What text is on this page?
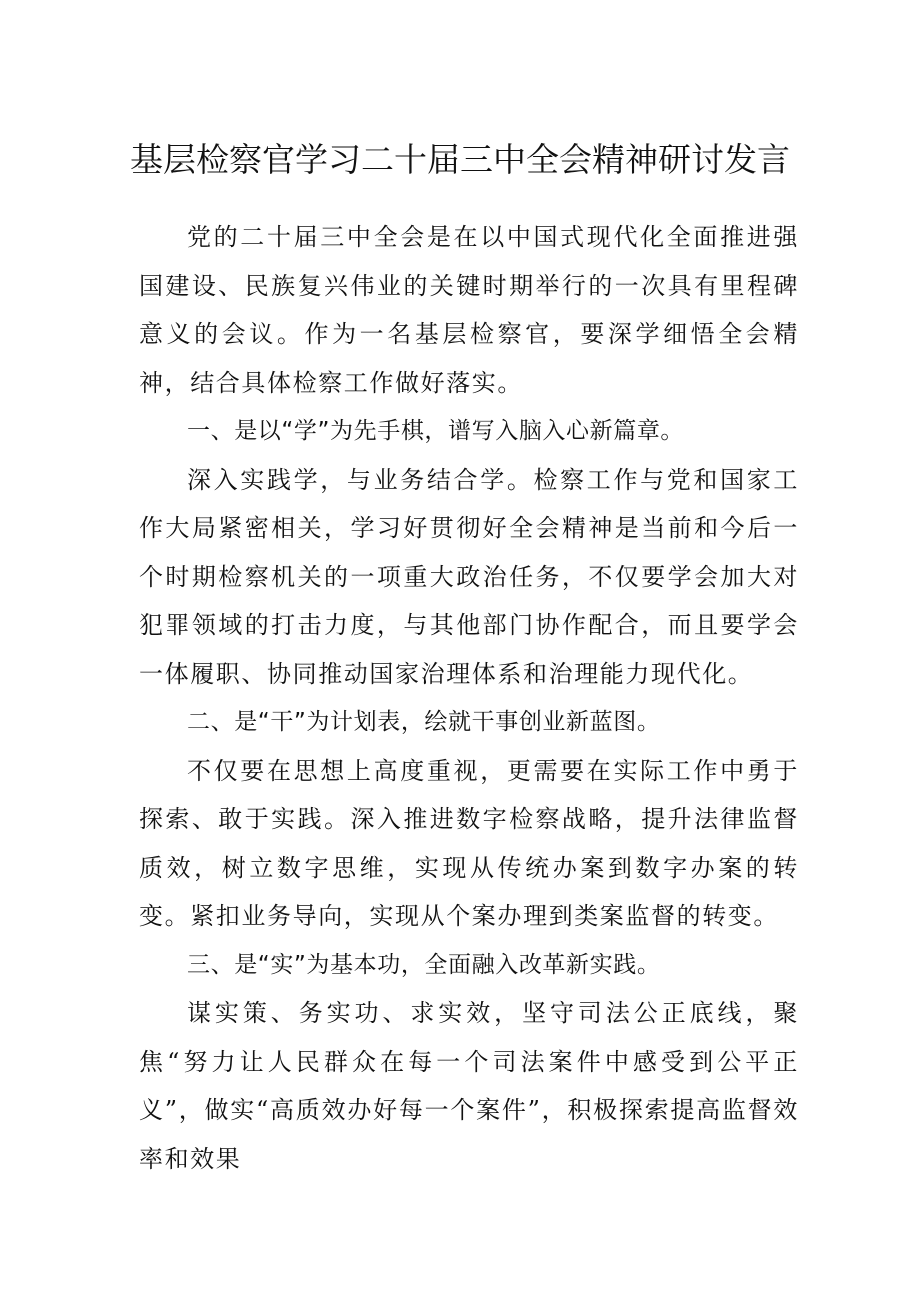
基层检察官学习二十届三中全会精神研讨发言

党的二十届三中全会是在以中国式现代化全面推进强国建设、民族复兴伟业的关键时期举行的一次具有里程碑意义的会议。作为一名基层检察官，要深学细悟全会精神，结合具体检察工作做好落实。

一、是以“学”为先手棋，谱写入脑入心新篇章。

深入实践学，与业务结合学。检察工作与党和国家工作大局紧密相关，学习好贯彻好全会精神是当前和今后一个时期检察机关的一项重大政治任务，不仅要学会加大对犯罪领域的打击力度，与其他部门协作配合，而且要学会一体履职、协同推动国家治理体系和治理能力现代化。

二、是“干”为计划表，绘就干事创业新蓝图。

不仅要在思想上高度重视，更需要在实际工作中勇于探索、敢于实践。深入推进数字检察战略，提升法律监督质效，树立数字思维，实现从传统办案到数字办案的转变。紧扣业务导向，实现从个案办理到类案监督的转变。

三、是“实”为基本功，全面融入改革新实践。

谋实策、务实功、求实效，坚守司法公正底线，聚焦“努力让人民群众在每一个司法案件中感受到公平正义”，做实“高质效办好每一个案件”，积极探索提高监督效率和效果
